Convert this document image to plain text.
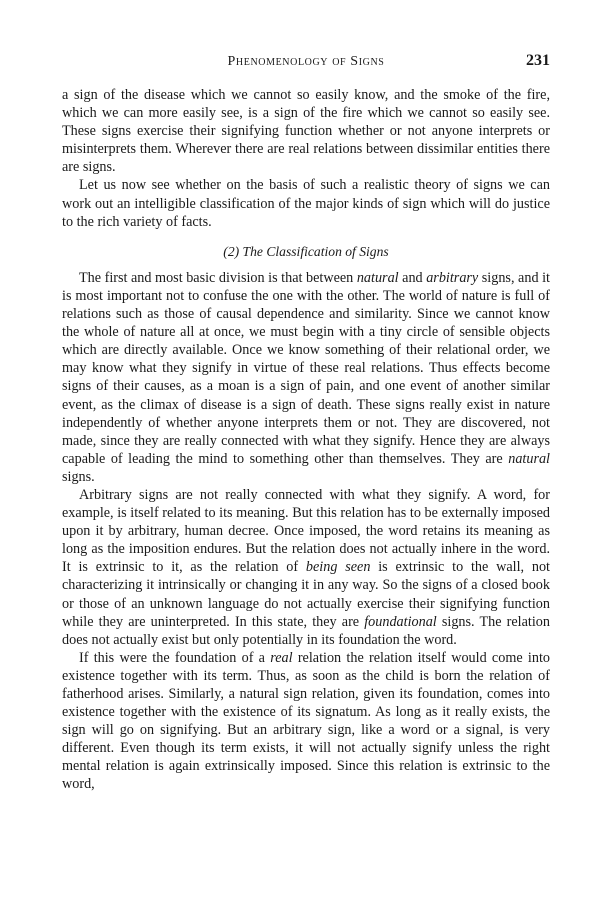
Phenomenology of Signs	231

a sign of the disease which we cannot so easily know, and the smoke of the fire, which we can more easily see, is a sign of the fire which we cannot so easily see. These signs exercise their signifying function whether or not anyone interprets or misinterprets them. Wherever there are real relations between dissimilar entities there are signs.

Let us now see whether on the basis of such a realistic theory of signs we can work out an intelligible classification of the major kinds of sign which will do justice to the rich variety of facts.

(2) The Classification of Signs

The first and most basic division is that between natural and arbitrary signs, and it is most important not to confuse the one with the other. The world of nature is full of relations such as those of causal dependence and similarity. Since we cannot know the whole of nature all at once, we must begin with a tiny circle of sensible objects which are directly available. Once we know something of their relational order, we may know what they signify in virtue of these real relations. Thus effects become signs of their causes, as a moan is a sign of pain, and one event of another similar event, as the climax of disease is a sign of death. These signs really exist in nature independently of whether anyone interprets them or not. They are discovered, not made, since they are really connected with what they signify. Hence they are always capable of leading the mind to something other than themselves. They are natural signs.

Arbitrary signs are not really connected with what they signify. A word, for example, is itself related to its meaning. But this relation has to be externally imposed upon it by arbitrary, human decree. Once imposed, the word retains its meaning as long as the imposition endures. But the relation does not actually inhere in the word. It is extrinsic to it, as the relation of being seen is extrinsic to the wall, not characterizing it intrinsically or changing it in any way. So the signs of a closed book or those of an unknown language do not actually exercise their signifying function while they are uninterpreted. In this state, they are foundational signs. The relation does not actually exist but only potentially in its foundation the word.

If this were the foundation of a real relation the relation itself would come into existence together with its term. Thus, as soon as the child is born the relation of fatherhood arises. Similarly, a natural sign relation, given its foundation, comes into existence together with the existence of its signatum. As long as it really exists, the sign will go on signifying. But an arbitrary sign, like a word or a signal, is very different. Even though its term exists, it will not actually signify unless the right mental relation is again extrinsically imposed. Since this relation is extrinsic to the word,
